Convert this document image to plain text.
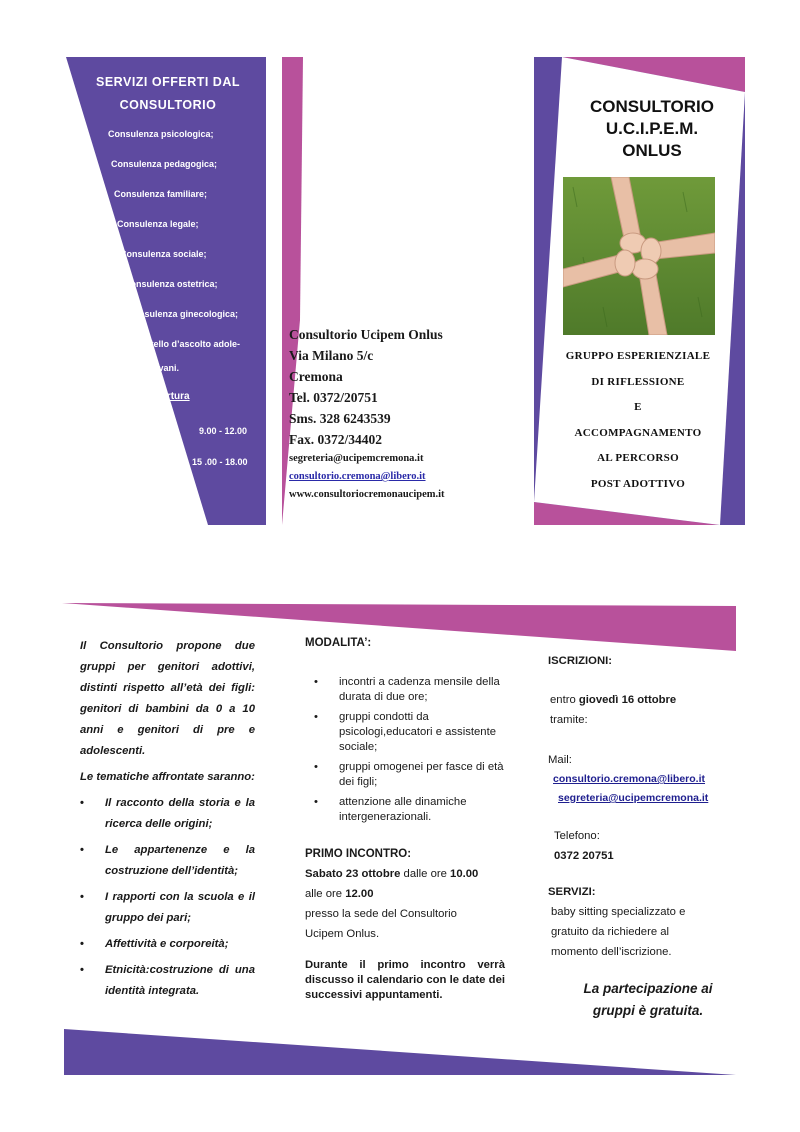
SERVIZI OFFERTI DAL
CONSULTORIO
• Consulenza psicologica;
• Consulenza pedagogica;
• Consulenza familiare;
• Consulenza legale;
• Consulenza sociale;
• Consulenza ostetrica;
• Consulenza ginecologica;
• Sportello d’ascolto adole-
scenti e giovani.
Orari d’apertura
Lun. a Ven.	9.00 - 12.00
Lun. a Merc. 15 .00 - 18.00
Consultorio Ucipem Onlus
Via Milano 5/c
Cremona
Tel. 0372/20751
Sms. 328 6243539
Fax. 0372/34402
segreteria@ucipemcremona.it
consultorio.cremona@libero.it
www.consultoriocremonaucipem.it
CONSULTORIO
U.C.I.P.E.M.
ONLUS
GRUPPO ESPERIENZIALE
DI RIFLESSIONE
E
ACCOMPAGNAMENTO
AL PERCORSO
POST ADOTTIVO

Il Consultorio propone due gruppi per genitori adottivi, distinti rispetto all’età dei figli: genitori di bambini da 0 a 10 anni e genitori di pre e adolescenti.

Le tematiche affrontate saranno:

• Il racconto della storia e la ricerca delle origini;

• Le appartenenze e la costruzione dell’identità;

• I rapporti con la scuola e il gruppo dei pari;

• Affettività e corporeità;

• Etnicità:costruzione di una identità integrata.

MODALITA’:
• incontri a cadenza mensile della durata di due ore;
• gruppi condotti da psicologi,educatori e assistente sociale;
• gruppi omogenei per fasce di età dei figli;
• attenzione alle dinamiche intergenerazionali.
PRIMO INCONTRO:
Sabato 23 ottobre dalle ore 10.00
alle ore 12.00
presso la sede del Consultorio
Ucipem Onlus.
Durante il primo incontro verrà discusso il calendario con le date dei successivi appuntamenti.
ISCRIZIONI:
entro giovedì 16 ottobre
tramite:
Mail:
consultorio.cremona@libero.it
segreteria@ucipemcremona.it
Telefono:
0372 20751
SERVIZI:
baby sitting specializzato e
gratuito da richiedere al
momento dell’iscrizione.
La partecipazione ai
gruppi è gratuita.
